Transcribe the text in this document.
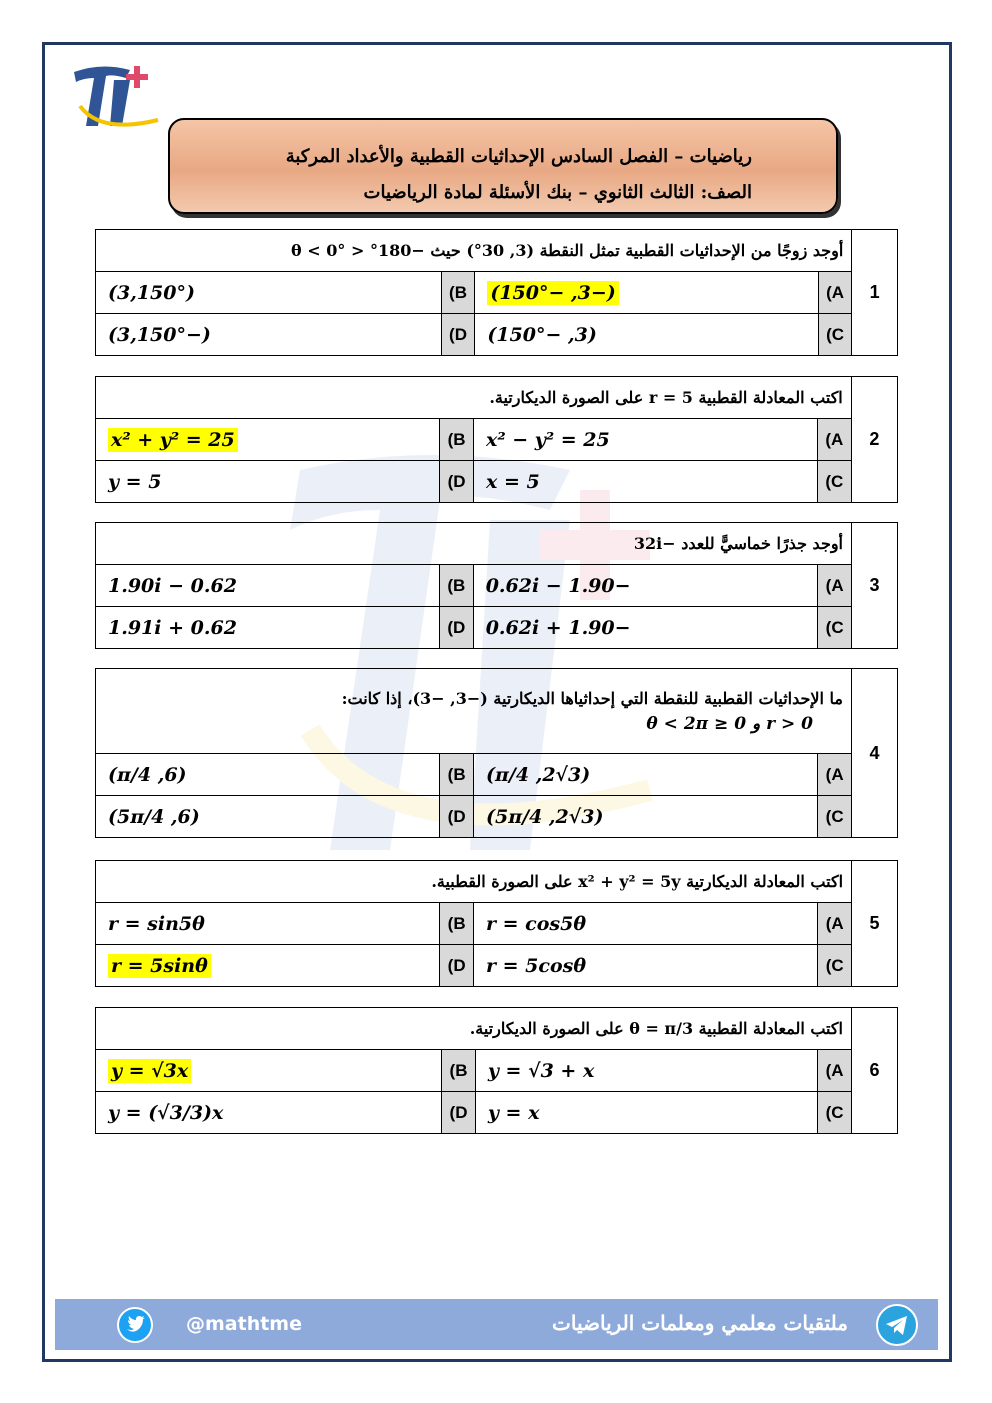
رياضيات – الفصل السادس الإحداثيات القطبية والأعداد المركبة
الصف: الثالث الثانوي – بنك الأسئلة لمادة الرياضيات
1	أوجد زوجًا من الإحداثيات القطبية تمثل النقطة (3, 30°) حيث −180° < θ < 0°			
	A)	(−3, −150°)	B)	(3,150°)
	C)	(3, −150°)	D)	(−3,150°)
2	اكتب المعادلة القطبية r = 5 على الصورة الديكارتية.			
	A)	x² − y² = 25	B)	x² + y² = 25
	C)	x = 5	D)	y = 5
3	أوجد جذرًا خماسيًّ للعدد −32i			
	A)	−1.90 − 0.62i	B)	0.62 − 1.90i
	C)	−1.90 + 0.62i	D)	0.62 + 1.91i
4	ما الإحداثيات القطبية للنقطة التي إحداثياها الديكارتية (−3, −3)، إذا كانت:
r > 0 و 0 ≤ θ < 2π			

	A)	(3√2, π/4)	B)	(6, π/4)
	C)	(3√2, 5π/4)	D)	(6, 5π/4)
5	اكتب المعادلة الديكارتية x² + y² = 5y على الصورة القطبية.			
	A)	r = cos5θ	B)	r = sin5θ
	C)	r = 5cosθ	D)	r = 5sinθ
6	اكتب المعادلة القطبية θ = π/3 على الصورة الديكارتية.			
	A)	y = √3 + x	B)	y = √3x
	C)	y = x	D)	y = (√3/3)x
@mathtme	ملتقيات معلمي ومعلمات الرياضيات
